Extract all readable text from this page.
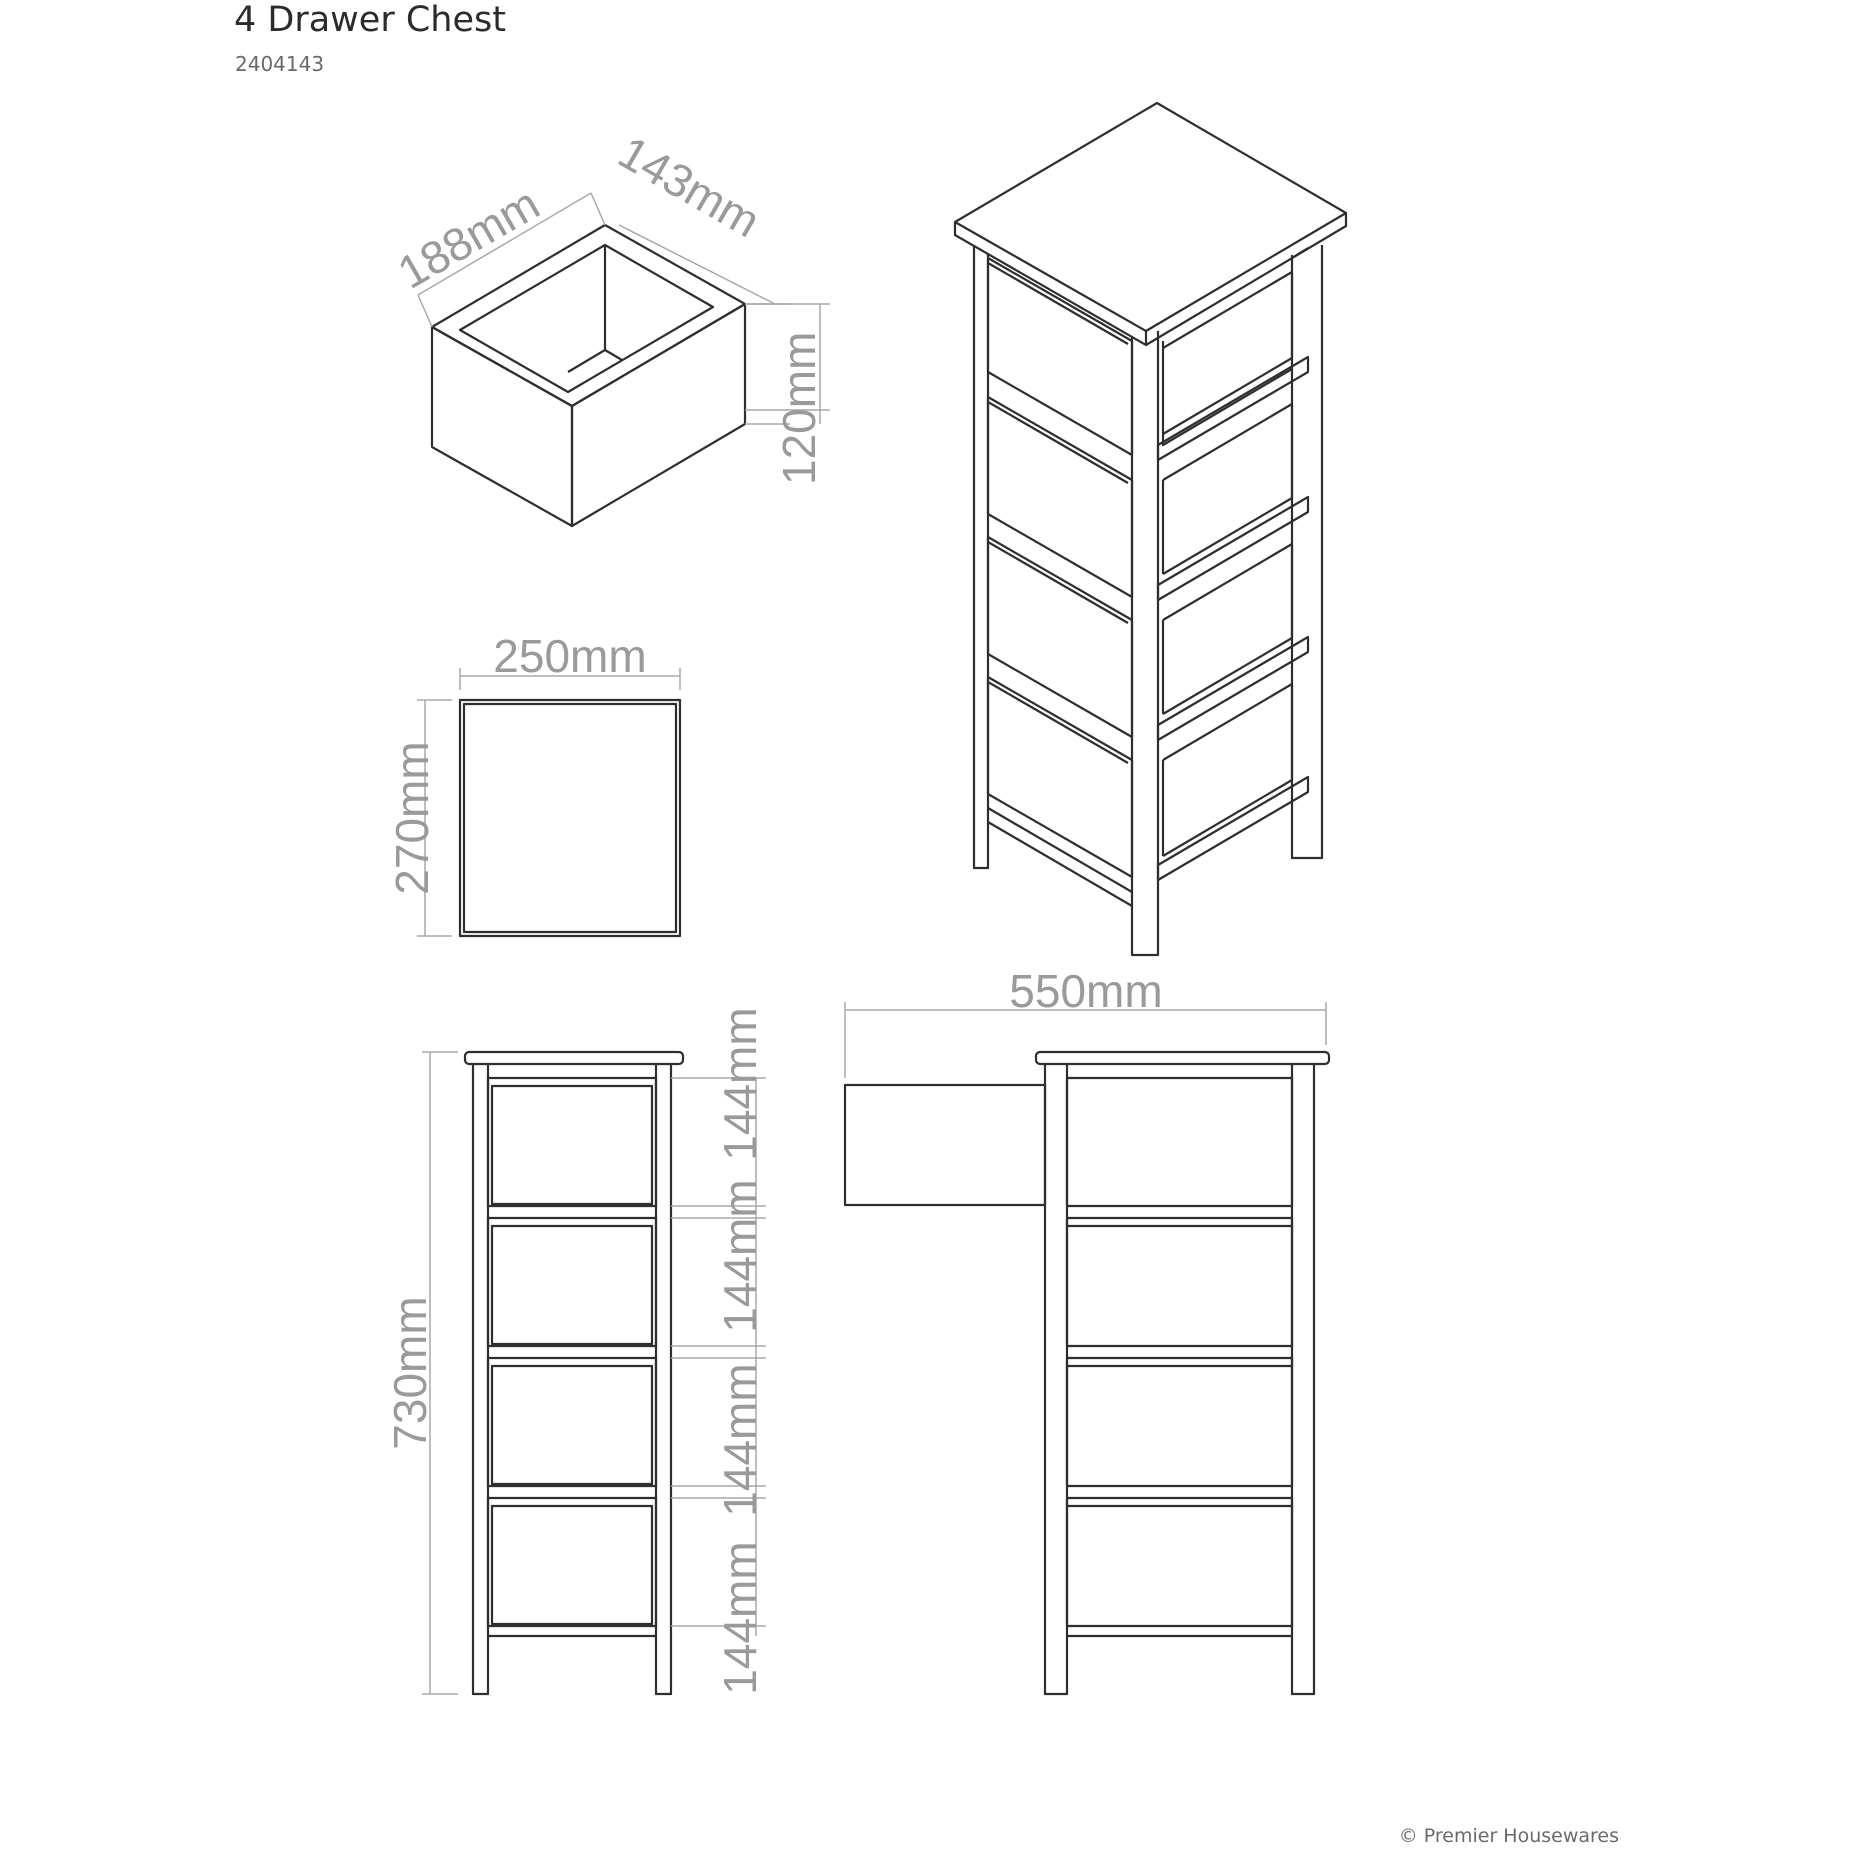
4 Drawer Chest
2404143
188mm 143mm
120mm
250mm
270mm
730mm
144mm
144mm
144mm
144mm
550mm
© Premier Housewares
